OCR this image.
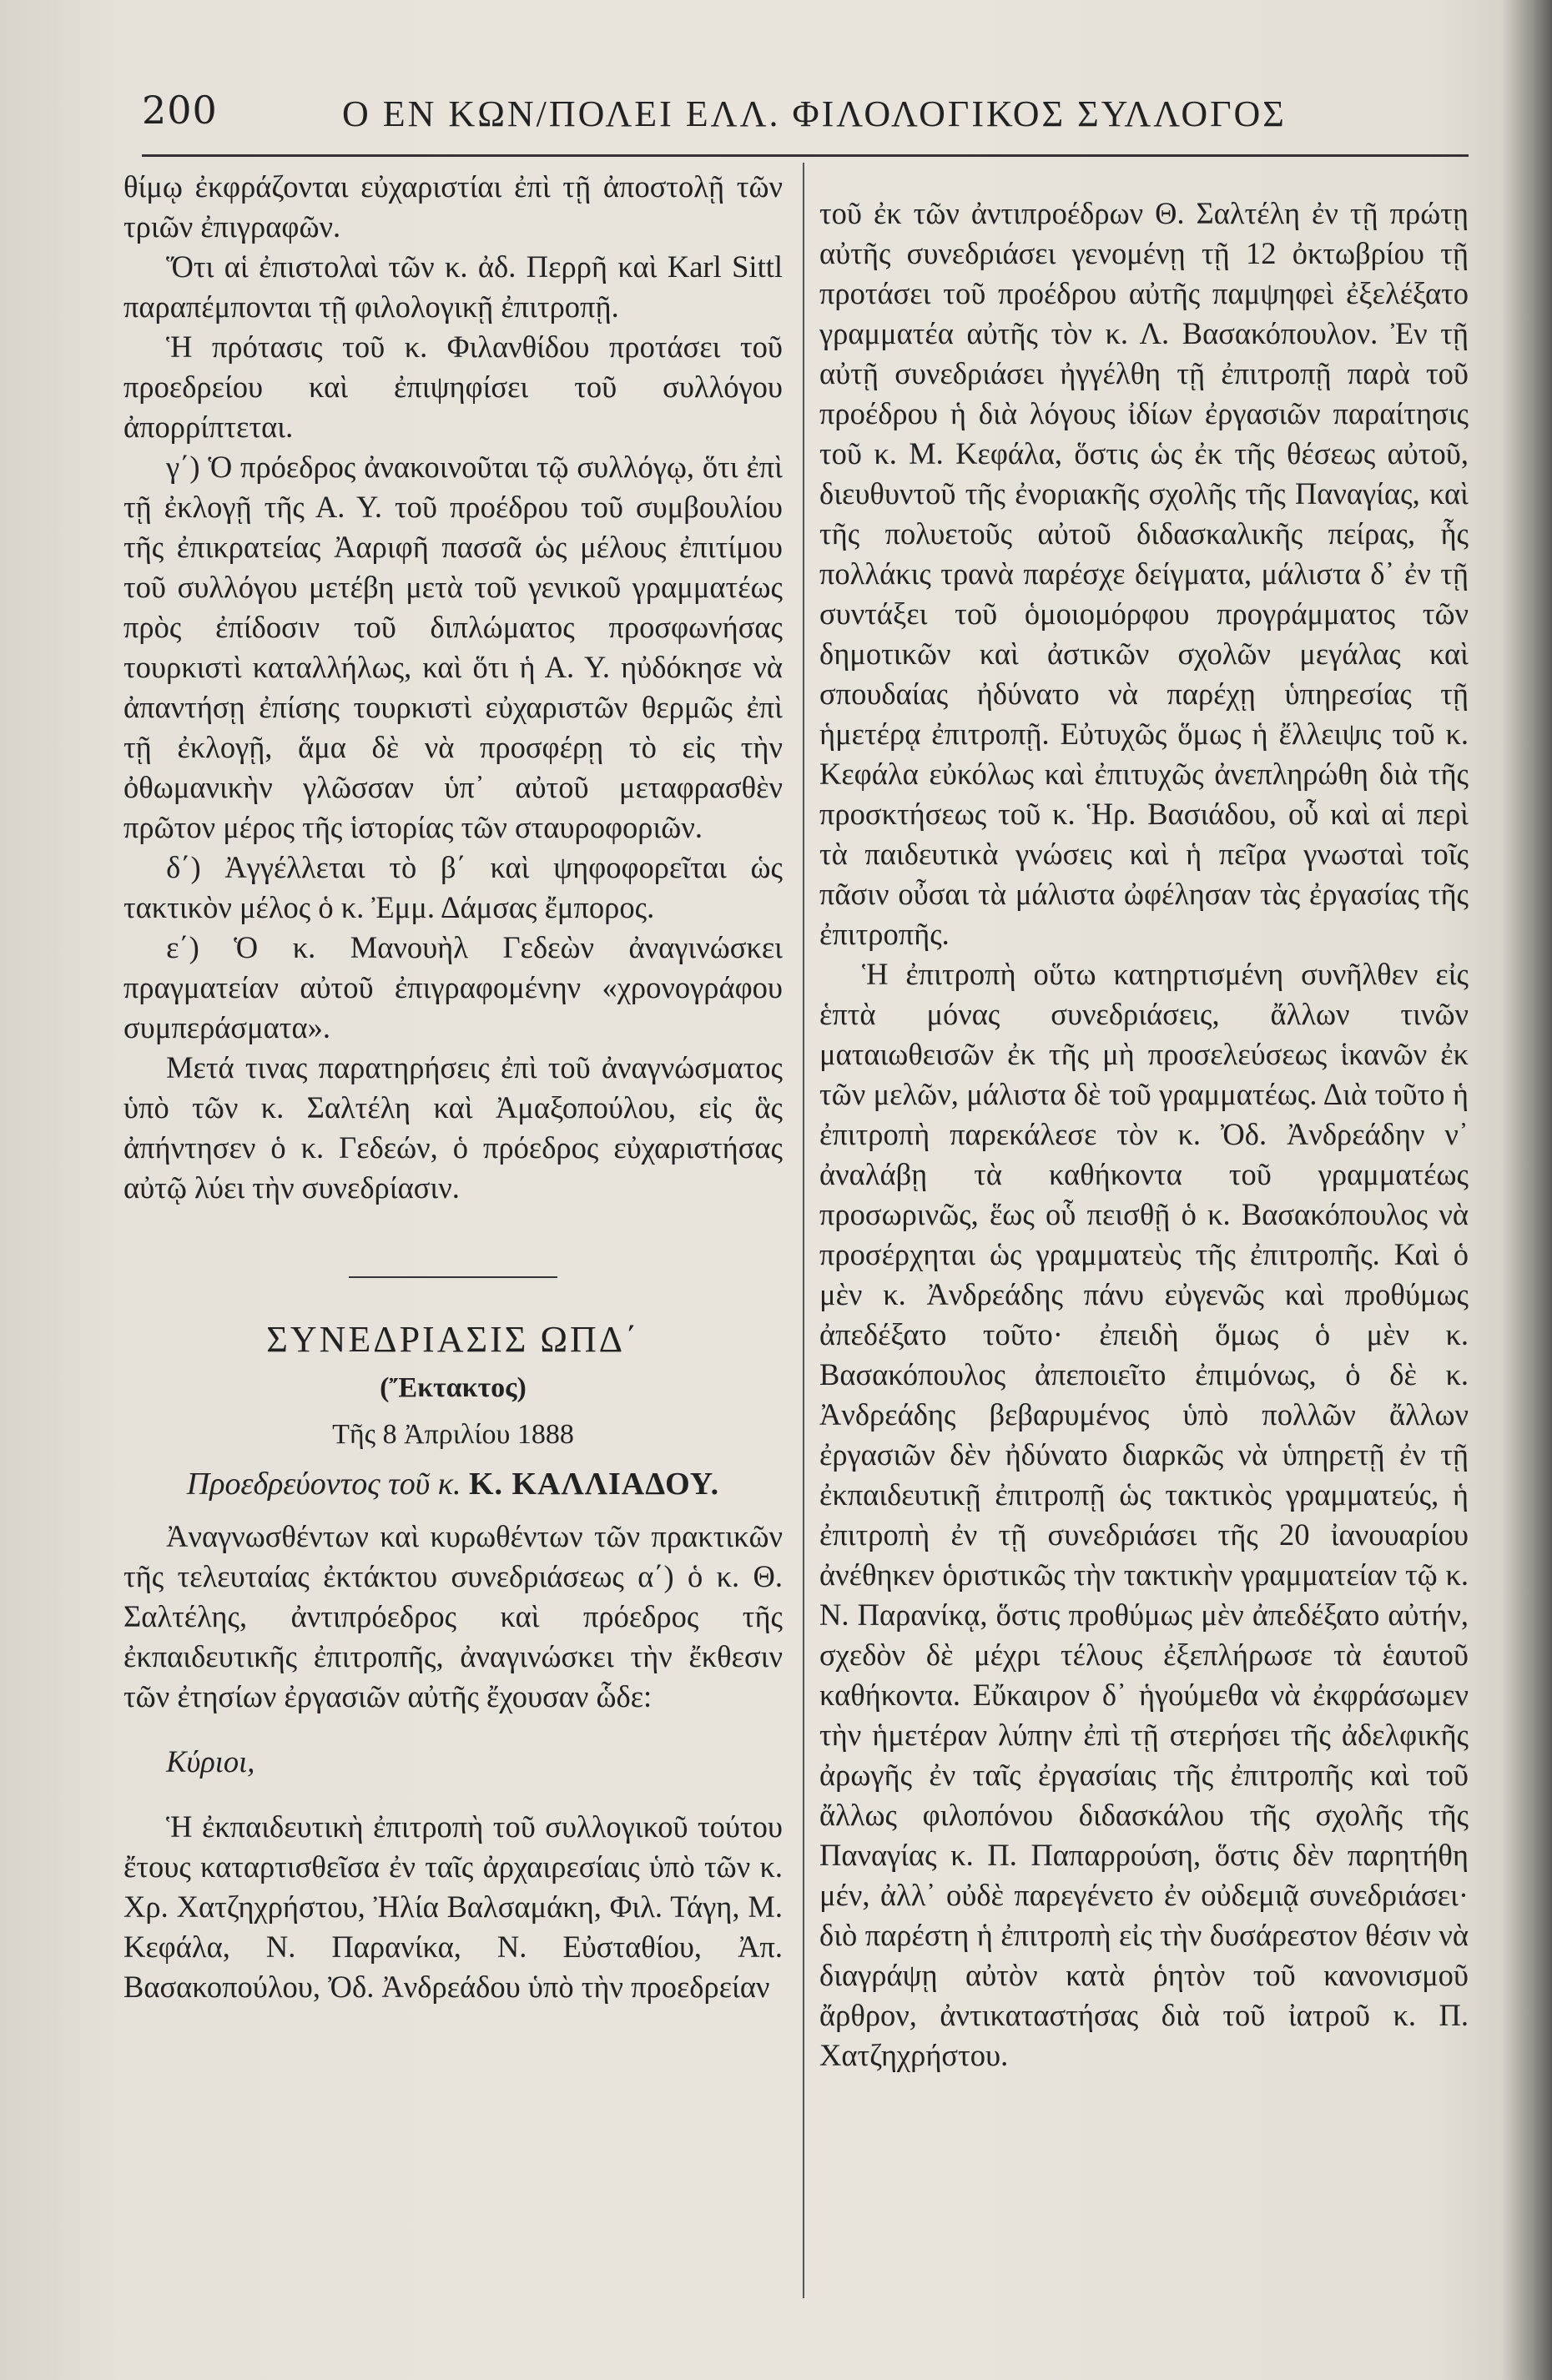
200	Ο ΕΝ ΚΩΝ/ΠΟΛΕΙ ΕΛΛ. ΦΙΛΟΛΟΓΙΚΟΣ ΣΥΛΛΟΓΟΣ

θίμῳ ἐκφράζονται εὐχαριστίαι ἐπὶ τῇ ἀποστολῇ τῶν τριῶν ἐπιγραφῶν.

Ὅτι αἱ ἐπιστολαὶ τῶν κ. ἀδ. Περρῆ καὶ Karl Sittl παραπέμπονται τῇ φιλολογικῇ ἐπιτροπῇ.

Ἡ πρότασις τοῦ κ. Φιλανθίδου προτάσει τοῦ προεδρείου καὶ ἐπιψηφίσει τοῦ συλλόγου ἀπορρίπτεται.

γ΄) Ὁ πρόεδρος ἀνακοινοῦται τῷ συλλόγῳ, ὅτι ἐπὶ τῇ ἐκλογῇ τῆς Α. Υ. τοῦ προέδρου τοῦ συμβουλίου τῆς ἐπικρατείας Ἀαριφῆ πασσᾶ ὡς μέλους ἐπιτίμου τοῦ συλλόγου μετέβη μετὰ τοῦ γενικοῦ γραμματέως πρὸς ἐπίδοσιν τοῦ διπλώματος προσφωνήσας τουρκιστὶ καταλλήλως, καὶ ὅτι ἡ Α. Υ. ηὐδόκησε νὰ ἀπαντήσῃ ἐπίσης τουρκιστὶ εὐχαριστῶν θερμῶς ἐπὶ τῇ ἐκλογῇ, ἅμα δὲ νὰ προσφέρῃ τὸ εἰς τὴν ὀθωμανικὴν γλῶσσαν ὑπ᾽ αὐτοῦ μεταφρασθὲν πρῶτον μέρος τῆς ἱστορίας τῶν σταυροφοριῶν.

δ΄) Ἀγγέλλεται τὸ β΄ καὶ ψηφοφορεῖται ὡς τακτικὸν μέλος ὁ κ. Ἐμμ. Δάμσας ἔμπορος.

ε΄) Ὁ κ. Μανουὴλ Γεδεὼν ἀναγινώσκει πραγματείαν αὐτοῦ ἐπιγραφομένην «χρονογράφου συμπεράσματα».

Μετά τινας παρατηρήσεις ἐπὶ τοῦ ἀναγνώσματος ὑπὸ τῶν κ. Σαλτέλη καὶ Ἀμαξοπούλου, εἰς ἃς ἀπήντησεν ὁ κ. Γεδεών, ὁ πρόεδρος εὐχαριστήσας αὐτῷ λύει τὴν συνεδρίασιν.

ΣΥΝΕΔΡΙΑΣΙΣ ΩΠΔ΄

(Ἔκτακτος)

Τῆς 8 Ἀπριλίου 1888

Προεδρεύοντος τοῦ κ. Κ. ΚΑΛΛΙΑΔΟΥ.

Ἀναγνωσθέντων καὶ κυρωθέντων τῶν πρακτικῶν τῆς τελευταίας ἐκτάκτου συνεδριάσεως α΄) ὁ κ. Θ. Σαλτέλης, ἀντιπρόεδρος καὶ πρόεδρος τῆς ἐκπαιδευτικῆς ἐπιτροπῆς, ἀναγινώσκει τὴν ἔκθεσιν τῶν ἐτησίων ἐργασιῶν αὐτῆς ἔχουσαν ὧδε:

Κύριοι,

Ἡ ἐκπαιδευτικὴ ἐπιτροπὴ τοῦ συλλογικοῦ τούτου ἔτους καταρτισθεῖσα ἐν ταῖς ἀρχαιρεσίαις ὑπὸ τῶν κ. Χρ. Χατζηχρήστου, Ἠλία Βαλσαμάκη, Φιλ. Τάγη, Μ. Κεφάλα, Ν. Παρανίκα, Ν. Εὐσταθίου, Ἀπ. Βασακοπούλου, Ὀδ. Ἀνδρεάδου ὑπὸ τὴν προεδρείαν

τοῦ ἐκ τῶν ἀντιπροέδρων Θ. Σαλτέλη ἐν τῇ πρώτῃ αὐτῆς συνεδριάσει γενομένῃ τῇ 12 ὀκτωβρίου τῇ προτάσει τοῦ προέδρου αὐτῆς παμψηφεὶ ἐξελέξατο γραμματέα αὐτῆς τὸν κ. Λ. Βασακόπουλον. Ἐν τῇ αὐτῇ συνεδριάσει ἠγγέλθη τῇ ἐπιτροπῇ παρὰ τοῦ προέδρου ἡ διὰ λόγους ἰδίων ἐργασιῶν παραίτησις τοῦ κ. Μ. Κεφάλα, ὅστις ὡς ἐκ τῆς θέσεως αὐτοῦ, διευθυντοῦ τῆς ἐνοριακῆς σχολῆς τῆς Παναγίας, καὶ τῆς πολυετοῦς αὐτοῦ διδασκαλικῆς πείρας, ἧς πολλάκις τρανὰ παρέσχε δείγματα, μάλιστα δ᾽ ἐν τῇ συντάξει τοῦ ὁμοιομόρφου προγράμματος τῶν δημοτικῶν καὶ ἀστικῶν σχολῶν μεγάλας καὶ σπουδαίας ἠδύνατο νὰ παρέχῃ ὑπηρεσίας τῇ ἡμετέρᾳ ἐπιτροπῇ. Εὐτυχῶς ὅμως ἡ ἔλλειψις τοῦ κ. Κεφάλα εὐκόλως καὶ ἐπιτυχῶς ἀνεπληρώθη διὰ τῆς προσκτήσεως τοῦ κ. Ἡρ. Βασιάδου, οὗ καὶ αἱ περὶ τὰ παιδευτικὰ γνώσεις καὶ ἡ πεῖρα γνωσταὶ τοῖς πᾶσιν οὖσαι τὰ μάλιστα ὠφέλησαν τὰς ἐργασίας τῆς ἐπιτροπῆς.

Ἡ ἐπιτροπὴ οὕτω κατηρτισμένη συνῆλθεν εἰς ἑπτὰ μόνας συνεδριάσεις, ἄλλων τινῶν ματαιωθεισῶν ἐκ τῆς μὴ προσελεύσεως ἱκανῶν ἐκ τῶν μελῶν, μάλιστα δὲ τοῦ γραμματέως. Διὰ τοῦτο ἡ ἐπιτροπὴ παρεκάλεσε τὸν κ. Ὀδ. Ἀνδρεάδην ν᾽ ἀναλάβῃ τὰ καθήκοντα τοῦ γραμματέως προσωρινῶς, ἕως οὗ πεισθῇ ὁ κ. Βασακόπουλος νὰ προσέρχηται ὡς γραμματεὺς τῆς ἐπιτροπῆς. Καὶ ὁ μὲν κ. Ἀνδρεάδης πάνυ εὐγενῶς καὶ προθύμως ἀπεδέξατο τοῦτο· ἐπειδὴ ὅμως ὁ μὲν κ. Βασακόπουλος ἀπεποιεῖτο ἐπιμόνως, ὁ δὲ κ. Ἀνδρεάδης βεβαρυμένος ὑπὸ πολλῶν ἄλλων ἐργασιῶν δὲν ἠδύνατο διαρκῶς νὰ ὑπηρετῇ ἐν τῇ ἐκπαιδευτικῇ ἐπιτροπῇ ὡς τακτικὸς γραμματεύς, ἡ ἐπιτροπὴ ἐν τῇ συνεδριάσει τῆς 20 ἰανουαρίου ἀνέθηκεν ὁριστικῶς τὴν τακτικὴν γραμματείαν τῷ κ. Ν. Παρανίκᾳ, ὅστις προθύμως μὲν ἀπεδέξατο αὐτήν, σχεδὸν δὲ μέχρι τέλους ἐξεπλήρωσε τὰ ἑαυτοῦ καθήκοντα. Εὔκαιρον δ᾽ ἡγούμεθα νὰ ἐκφράσωμεν τὴν ἡμετέραν λύπην ἐπὶ τῇ στερήσει τῆς ἀδελφικῆς ἀρωγῆς ἐν ταῖς ἐργασίαις τῆς ἐπιτροπῆς καὶ τοῦ ἄλλως φιλοπόνου διδασκάλου τῆς σχολῆς τῆς Παναγίας κ. Π. Παπαρρούση, ὅστις δὲν παρητήθη μέν, ἀλλ᾽ οὐδὲ παρεγένετο ἐν οὐδεμιᾷ συνεδριάσει· διὸ παρέστη ἡ ἐπιτροπὴ εἰς τὴν δυσάρεστον θέσιν νὰ διαγράψῃ αὐτὸν κατὰ ῥητὸν τοῦ κανονισμοῦ ἄρθρον, ἀντικαταστήσας διὰ τοῦ ἰατροῦ κ. Π. Χατζηχρήστου.
